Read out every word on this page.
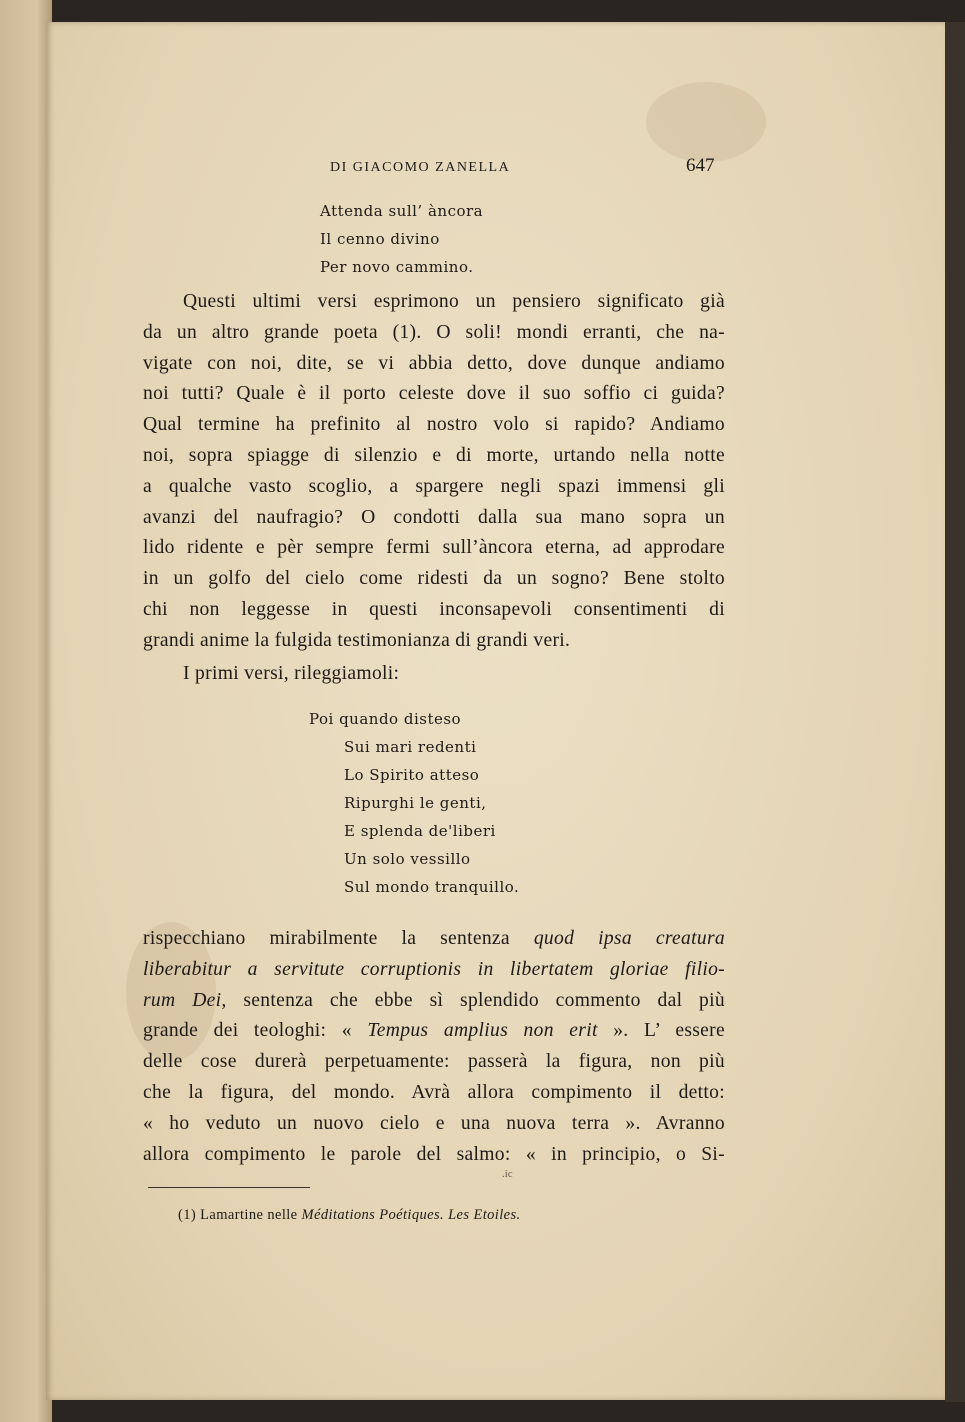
DI GIACOMO ZANELLA	647
Attenda sull’ àncora
Il cenno divino
Per novo cammino.
Questi ultimi versi esprimono un pensiero significato già
da un altro grande poeta (1). O soli! mondi erranti, che na-
vigate con noi, dite, se vi abbia detto, dove dunque andiamo
noi tutti? Quale è il porto celeste dove il suo soffio ci guida?
Qual termine ha prefinito al nostro volo si rapido? Andiamo
noi, sopra spiagge di silenzio e di morte, urtando nella notte
a qualche vasto scoglio, a spargere negli spazi immensi gli
avanzi del naufragio? O condotti dalla sua mano sopra un
lido ridente e pèr sempre fermi sull’àncora eterna, ad approdare
in un golfo del cielo come ridesti da un sogno? Bene stolto
chi non leggesse in questi inconsapevoli consentimenti di
grandi anime la fulgida testimonianza di grandi veri.
I primi versi, rileggiamoli:
Poi quando disteso
Sui mari redenti
Lo Spirito atteso
Ripurghi le genti,
E splenda de'liberi
Un solo vessillo
Sul mondo tranquillo.
rispecchiano mirabilmente la sentenza quod ipsa creatura
liberabitur a servitute corruptionis in libertatem gloriae filio-
rum Dei, sentenza che ebbe sì splendido commento dal più
grande dei teologhi: « Tempus amplius non erit ». L’ essere
delle cose durerà perpetuamente: passerà la figura, non più
che la figura, del mondo. Avrà allora compimento il detto:
« ho veduto un nuovo cielo e una nuova terra ». Avranno
allora compimento le parole del salmo: « in principio, o Si-
.ic
(1) Lamartine nelle Méditations Poétiques. Les Etoiles.
